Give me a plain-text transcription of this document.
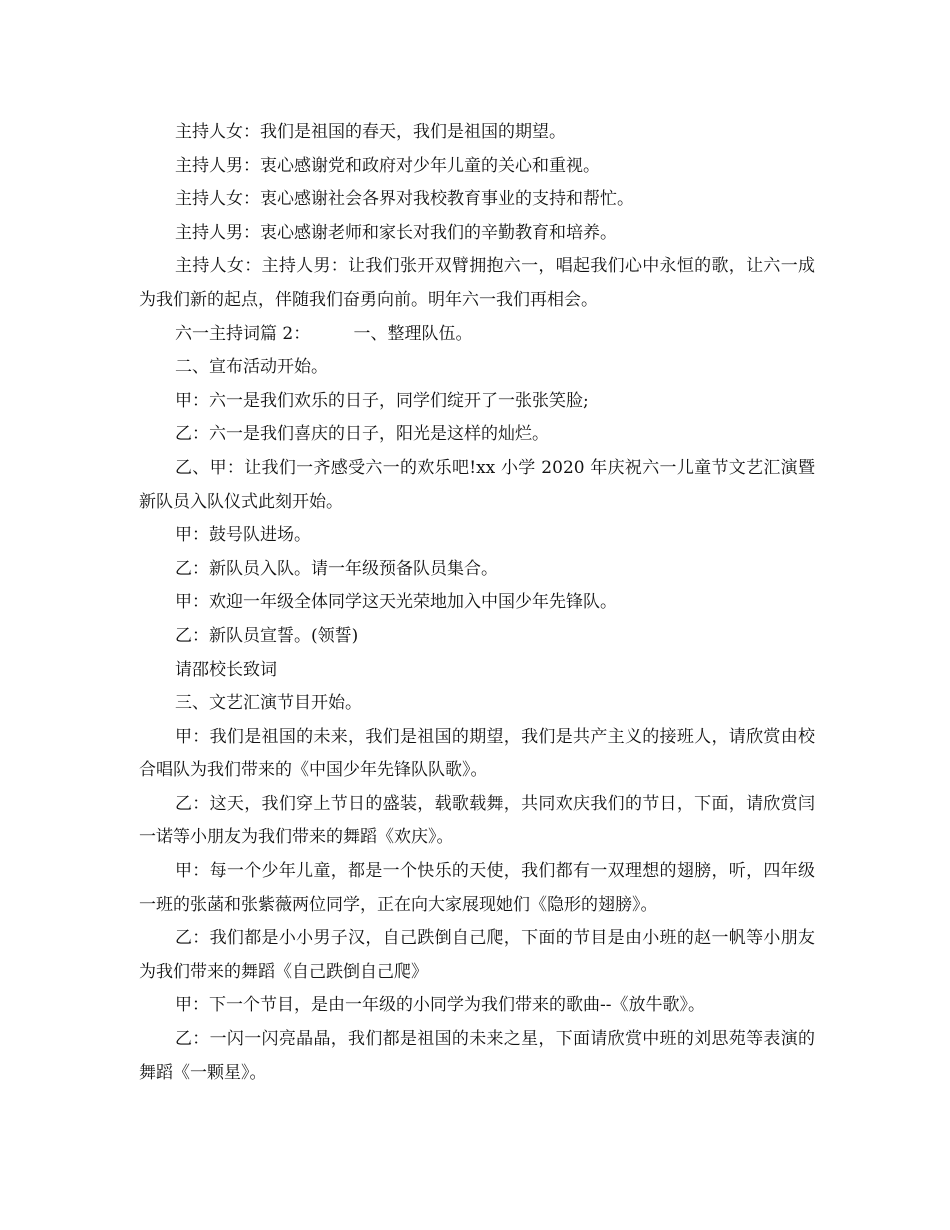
主持人女：我们是祖国的春天，我们是祖国的期望。

主持人男：衷心感谢党和政府对少年儿童的关心和重视。

主持人女：衷心感谢社会各界对我校教育事业的支持和帮忙。

主持人男：衷心感谢老师和家长对我们的辛勤教育和培养。

主持人女：主持人男：让我们张开双臂拥抱六一，唱起我们心中永恒的歌，让六一成为我们新的起点，伴随我们奋勇向前。明年六一我们再相会。

六一主持词篇 2：        一、整理队伍。

二、宣布活动开始。

甲：六一是我们欢乐的日子，同学们绽开了一张张笑脸;

乙：六一是我们喜庆的日子，阳光是这样的灿烂。

乙、甲：让我们一齐感受六一的欢乐吧!xx 小学 2020 年庆祝六一儿童节文艺汇演暨新队员入队仪式此刻开始。

甲：鼓号队进场。

乙：新队员入队。请一年级预备队员集合。

甲：欢迎一年级全体同学这天光荣地加入中国少年先锋队。

乙：新队员宣誓。(领誓)

请邵校长致词

三、文艺汇演节目开始。

甲：我们是祖国的未来，我们是祖国的期望，我们是共产主义的接班人，请欣赏由校合唱队为我们带来的《中国少年先锋队队歌》。

乙：这天，我们穿上节日的盛装，载歌载舞，共同欢庆我们的节日，下面，请欣赏闫一诺等小朋友为我们带来的舞蹈《欢庆》。

甲：每一个少年儿童，都是一个快乐的天使，我们都有一双理想的翅膀，听，四年级一班的张菡和张紫薇两位同学，正在向大家展现她们《隐形的翅膀》。

乙：我们都是小小男子汉，自己跌倒自己爬，下面的节目是由小班的赵一帆等小朋友为我们带来的舞蹈《自己跌倒自己爬》

甲：下一个节目，是由一年级的小同学为我们带来的歌曲--《放牛歌》。

乙：一闪一闪亮晶晶，我们都是祖国的未来之星，下面请欣赏中班的刘思苑等表演的舞蹈《一颗星》。
